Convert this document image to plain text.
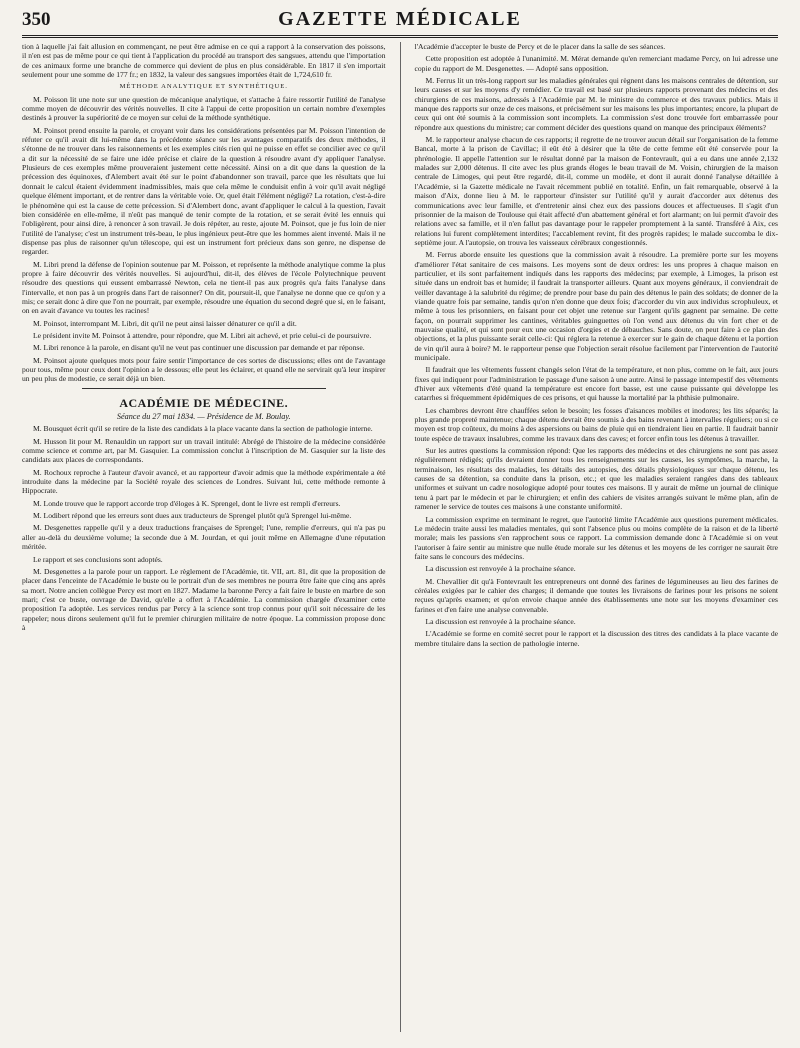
350	GAZETTE MÉDICALE

tion à laquelle j'ai fait allusion en commençant, ne peut être admise en ce qui a rapport à la conservation des poissons, il n'en est pas de même pour ce qui tient à l'application du procédé au transport des sangsues, attendu que l'importation de ces animaux forme une branche de commerce qui devient de plus en plus considérable. En 1817 il s'en importait seulement pour une somme de 177 fr.; en 1832, la valeur des sangsues importées était de 1,724,610 fr.

MÉTHODE ANALYTIQUE ET SYNTHÉTIQUE.

M. Poisson lit une note sur une question de mécanique analytique, et s'attache à faire ressortir l'utilité de l'analyse comme moyen de découvrir des vérités nouvelles. Il cite à l'appui de cette proposition un certain nombre d'exemples destinés à prouver la supériorité de ce moyen sur celui de la méthode synthétique.

M. Poinsot prend ensuite la parole, et croyant voir dans les considérations présentées par M. Poisson l'intention de réfuter ce qu'il avait dit lui-même dans la précédente séance sur les avantages comparatifs des deux méthodes, il s'étonne de ne trouver dans les raisonnements et les exemples cités rien qui ne puisse en effet se concilier avec ce qu'il a dit sur la nécessité de se faire une idée précise et claire de la question à résoudre avant d'y appliquer l'analyse. Plusieurs de ces exemples même prouveraient justement cette nécessité. Ainsi on a dit que dans la question de la précession des équinoxes, d'Alembert avait été sur le point d'abandonner son travail, parce que les résultats que lui donnait le calcul étaient évidemment inadmissibles, mais que cela même le conduisit enfin à voir qu'il avait négligé quelque élément important, et de rentrer dans la véritable voie. Or, quel était l'élément négligé? La rotation, c'est-à-dire le phénomène qui est la cause de cette précession. Si d'Alembert donc, avant d'appliquer le calcul à la question, l'avait bien considérée en elle-même, il n'eût pas manqué de tenir compte de la rotation, et se serait évité les ennuis qui l'obligèrent, pour ainsi dire, à renoncer à son travail. Je dois répéter, au reste, ajoute M. Poinsot, que je fus loin de nier l'utilité de l'analyse; c'est un instrument très-beau, le plus ingénieux peut-être que les hommes aient inventé. Mais il ne dispense pas plus de raisonner qu'un télescope, qui est un instrument fort précieux dans son genre, ne dispense de regarder.

M. Libri prend la défense de l'opinion soutenue par M. Poisson, et représente la méthode analytique comme la plus propre à faire découvrir des vérités nouvelles. Si aujourd'hui, dit-il, des élèves de l'école Polytechnique peuvent résoudre des questions qui eussent embarrassé Newton, cela ne tient-il pas aux progrès qu'a faits l'analyse dans l'intervalle, et non pas à un progrès dans l'art de raisonner? On dit, poursuit-il, que l'analyse ne donne que ce qu'on y a mis; ce serait donc à dire que l'on ne pourrait, par exemple, résoudre une équation du second degré que si, en le faisant, on en avait d'avance vu toutes les racines!

M. Poinsot, interrompant M. Libri, dit qu'il ne peut ainsi laisser dénaturer ce qu'il a dit.

Le président invite M. Poinsot à attendre, pour répondre, que M. Libri ait achevé, et prie celui-ci de poursuivre.

M. Libri renonce à la parole, en disant qu'il ne veut pas continuer une discussion par demande et par réponse.

M. Poinsot ajoute quelques mots pour faire sentir l'importance de ces sortes de discussions; elles ont de l'avantage pour tous, même pour ceux dont l'opinion a le dessous; elle peut les éclairer, et quand elle ne servirait qu'à leur inspirer un peu plus de modestie, ce serait déjà un bien.

ACADÉMIE DE MÉDECINE.

Séance du 27 mai 1834. — Présidence de M. Boulay.

M. Bousquet écrit qu'il se retire de la liste des candidats à la place vacante dans la section de pathologie interne.

M. Husson lit pour M. Renauldin un rapport sur un travail intitulé: Abrégé de l'histoire de la médecine considérée comme science et comme art, par M. Gasquier. La commission conclut à l'inscription de M. Gasquier sur la liste des candidats aux places de correspondants.

M. Rochoux reproche à l'auteur d'avoir avancé, et au rapporteur d'avoir admis que la méthode expérimentale a été introduite dans la médecine par la Société royale des sciences de Londres. Suivant lui, cette méthode remonte à Hippocrate.

M. Londe trouve que le rapport accorde trop d'éloges à K. Sprengel, dont le livre est rempli d'erreurs.

M. Lodibert répond que les erreurs sont dues aux traducteurs de Sprengel plutôt qu'à Sprengel lui-même.

M. Desgenettes rappelle qu'il y a deux traductions françaises de Sprengel; l'une, remplie d'erreurs, qui n'a pas pu aller au-delà du deuxième volume; la seconde due à M. Jourdan, et qui jouit même en Allemagne d'une réputation méritée.

Le rapport et ses conclusions sont adoptés.

M. Desgenettes a la parole pour un rapport. Le règlement de l'Académie, tit. VII, art. 81, dit que la proposition de placer dans l'enceinte de l'Académie le buste ou le portrait d'un de ses membres ne pourra être faite que cinq ans après sa mort. Notre ancien collègue Percy est mort en 1827. Madame la baronne Percy a fait faire le buste en marbre de son mari; c'est ce buste, ouvrage de David, qu'elle a offert à l'Académie. La commission chargée d'examiner cette proposition l'a adoptée. Les services rendus par Percy à la science sont trop connus pour qu'il soit nécessaire de les rappeler; nous dirons seulement qu'il fut le premier chirurgien militaire de notre époque. La commission propose donc à

l'Académie d'accepter le buste de Percy et de le placer dans la salle de ses séances.

Cette proposition est adoptée à l'unanimité. M. Mérat demande qu'en remerciant madame Percy, on lui adresse une copie du rapport de M. Desgenettes. — Adopté sans opposition.

M. Ferrus lit un très-long rapport sur les maladies générales qui règnent dans les maisons centrales de détention, sur leurs causes et sur les moyens d'y remédier. Ce travail est basé sur plusieurs rapports provenant des médecins et des chirurgiens de ces maisons, adressés à l'Académie par M. le ministre du commerce et des travaux publics. Mais il manque des rapports sur onze de ces maisons, et précisément sur les maisons les plus importantes; encore, la plupart de ceux qui ont été soumis à la commission sont incomplets. La commission s'est donc trouvée fort embarrassée pour répondre aux questions du ministre; car comment décider des questions quand on manque des principaux éléments?

M. le rapporteur analyse chacun de ces rapports; il regrette de ne trouver aucun détail sur l'organisation de la femme Bancal, morte à la prison de Cavillac; il eût été à désirer que la tête de cette femme eût été conservée pour la phrénologie. Il appelle l'attention sur le résultat donné par la maison de Fontevrault, qui a eu dans une année 2,132 malades sur 2,000 détenus. Il cite avec les plus grands éloges le beau travail de M. Voisin, chirurgien de la maison centrale de Limoges, qui peut être regardé, dit-il, comme un modèle, et dont il aurait donné l'analyse détaillée à l'Académie, si la Gazette médicale ne l'avait récemment publié en totalité. Enfin, un fait remarquable, observé à la maison d'Aix, donne lieu à M. le rapporteur d'insister sur l'utilité qu'il y aurait d'accorder aux détenus des communications avec leur famille, et d'entretenir ainsi chez eux des passions douces et affectueuses. Il s'agit d'un prisonnier de la maison de Toulouse qui était affecté d'un abattement général et fort alarmant; on lui permit d'avoir des relations avec sa famille, et il n'en fallut pas davantage pour le rappeler promptement à la santé. Transféré à Aix, ces relations lui furent complètement interdites; l'accablement revint, fit des progrès rapides; le malade succomba le dix-septième jour. A l'autopsie, on trouva les vaisseaux cérébraux congestionnés.

M. Ferrus aborde ensuite les questions que la commission avait à résoudre. La première porte sur les moyens d'améliorer l'état sanitaire de ces maisons. Les moyens sont de deux ordres: les uns propres à chaque maison en particulier, et ils sont parfaitement indiqués dans les rapports des médecins; par exemple, à Limoges, la prison est située dans un endroit bas et humide; il faudrait la transporter ailleurs. Quant aux moyens généraux, il conviendrait de veiller davantage à la salubrité du régime; de prendre pour base du pain des détenus le pain des soldats; de donner de la viande quatre fois par semaine, tandis qu'on n'en donne que deux fois; d'accorder du vin aux individus scrophuleux, et même à tous les prisonniers, en faisant pour cet objet une retenue sur l'argent qu'ils gagnent par semaine. De cette façon, on pourrait supprimer les cantines, véritables guinguettes où l'on vend aux détenus du vin fort cher et de mauvaise qualité, et qui sont pour eux une occasion d'orgies et de débauches. Sans doute, on peut faire à ce plan des objections, et la plus puissante serait celle-ci: Qui réglera la retenue à exercer sur le gain de chaque détenu et la portion de vin qu'il aura à boire? M. le rapporteur pense que l'objection serait résolue facilement par l'intervention de l'autorité municipale.

Il faudrait que les vêtements fussent changés selon l'état de la température, et non plus, comme on le fait, aux jours fixes qui indiquent pour l'administration le passage d'une saison à une autre. Ainsi le passage intempestif des vêtements d'hiver aux vêtements d'été quand la température est encore fort basse, est une cause puissante qui développe les catarrhes si fréquemment épidémiques de ces prisons, et qui hausse la mortalité par la phthisie pulmonaire.

Les chambres devront être chauffées selon le besoin; les fosses d'aisances mobiles et inodores; les lits séparés; la plus grande propreté maintenue; chaque détenu devrait être soumis à des bains revenant à intervalles réguliers; ou si ce moyen est trop coûteux, du moins à des aspersions ou bains de pluie qui en tiendraient lieu en partie. Il faudrait bannir toute espèce de travaux insalubres, comme les travaux dans des caves; et forcer enfin tous les détenus à travailler.

Sur les autres questions la commission répond: Que les rapports des médecins et des chirurgiens ne sont pas assez régulièrement rédigés; qu'ils devraient donner tous les renseignements sur les causes, les symptômes, la marche, la terminaison, les résultats des maladies, les détails des autopsies, des détails physiologiques sur chaque détenu, les causes de sa détention, sa conduite dans la prison, etc.; et que les maladies seraient rangées dans des tableaux uniformes et suivant un cadre nosologique adopté pour toutes ces maisons. Il y aurait de même un journal de clinique tenu à part par le médecin et par le chirurgien; et enfin des cahiers de visites arrangés suivant le même plan, afin de ramener le service de toutes ces maisons à une constante uniformité.

La commission exprime en terminant le regret, que l'autorité limite l'Académie aux questions purement médicales. Le médecin traite aussi les maladies mentales, qui sont l'absence plus ou moins complète de la raison et de la liberté morale; mais les passions s'en rapprochent sous ce rapport. La commission demande donc à l'Académie si on veut l'autoriser à faire sentir au ministre que nulle étude morale sur les détenus et les moyens de les corriger ne saurait être faite sans le concours des médecins.

La discussion est renvoyée à la prochaine séance.

M. Chevallier dit qu'à Fontevrault les entrepreneurs ont donné des farines de légumineuses au lieu des farines de céréales exigées par le cahier des charges; il demande que toutes les livraisons de farines pour les prisons ne soient reçues qu'après examen; et qu'on envoie chaque année des établissements une note sur les moyens d'examiner ces farines et d'en faire une analyse convenable.

La discussion est renvoyée à la prochaine séance.

L'Académie se forme en comité secret pour le rapport et la discussion des titres des candidats à la place vacante de membre titulaire dans la section de pathologie interne.
